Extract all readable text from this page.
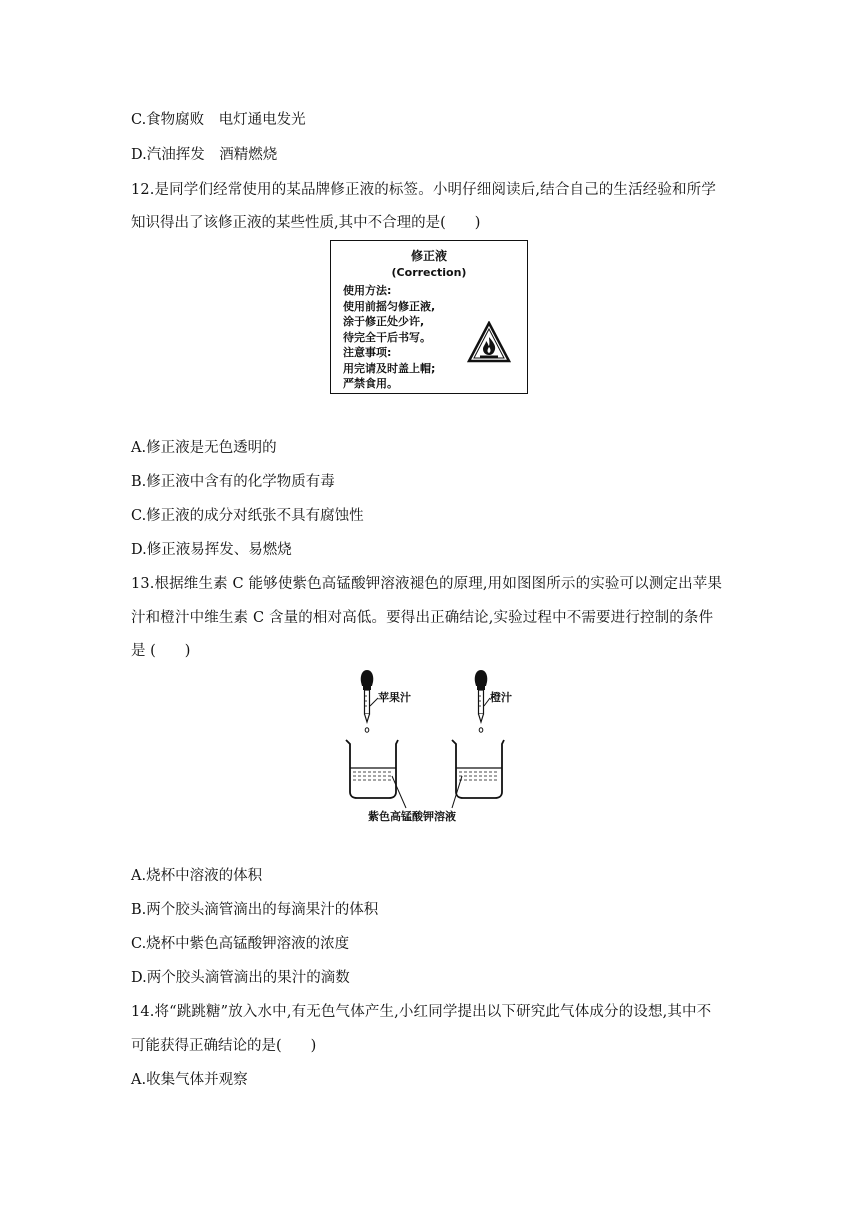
C.食物腐败　电灯通电发光
D.汽油挥发　酒精燃烧
12.是同学们经常使用的某品牌修正液的标签。小明仔细阅读后,结合自己的生活经验和所学
知识得出了该修正液的某些性质,其中不合理的是(　　)
修正液
(Correction)
使用方法:
使用前摇匀修正液,
涂于修正处少许,
待完全干后书写。
注意事项:
用完请及时盖上帽;
严禁食用。
A.修正液是无色透明的
B.修正液中含有的化学物质有毒
C.修正液的成分对纸张不具有腐蚀性
D.修正液易挥发、易燃烧
13.根据维生素 C 能够使紫色高锰酸钾溶液褪色的原理,用如图图所示的实验可以测定出苹果
汁和橙汁中维生素 C 含量的相对高低。要得出正确结论,实验过程中不需要进行控制的条件
是 (　　)
苹果汁	橙汁
紫色高锰酸钾溶液
A.烧杯中溶液的体积
B.两个胶头滴管滴出的每滴果汁的体积
C.烧杯中紫色高锰酸钾溶液的浓度
D.两个胶头滴管滴出的果汁的滴数
14.将“跳跳糖”放入水中,有无色气体产生,小红同学提出以下研究此气体成分的设想,其中不
可能获得正确结论的是(　　)
A.收集气体并观察
